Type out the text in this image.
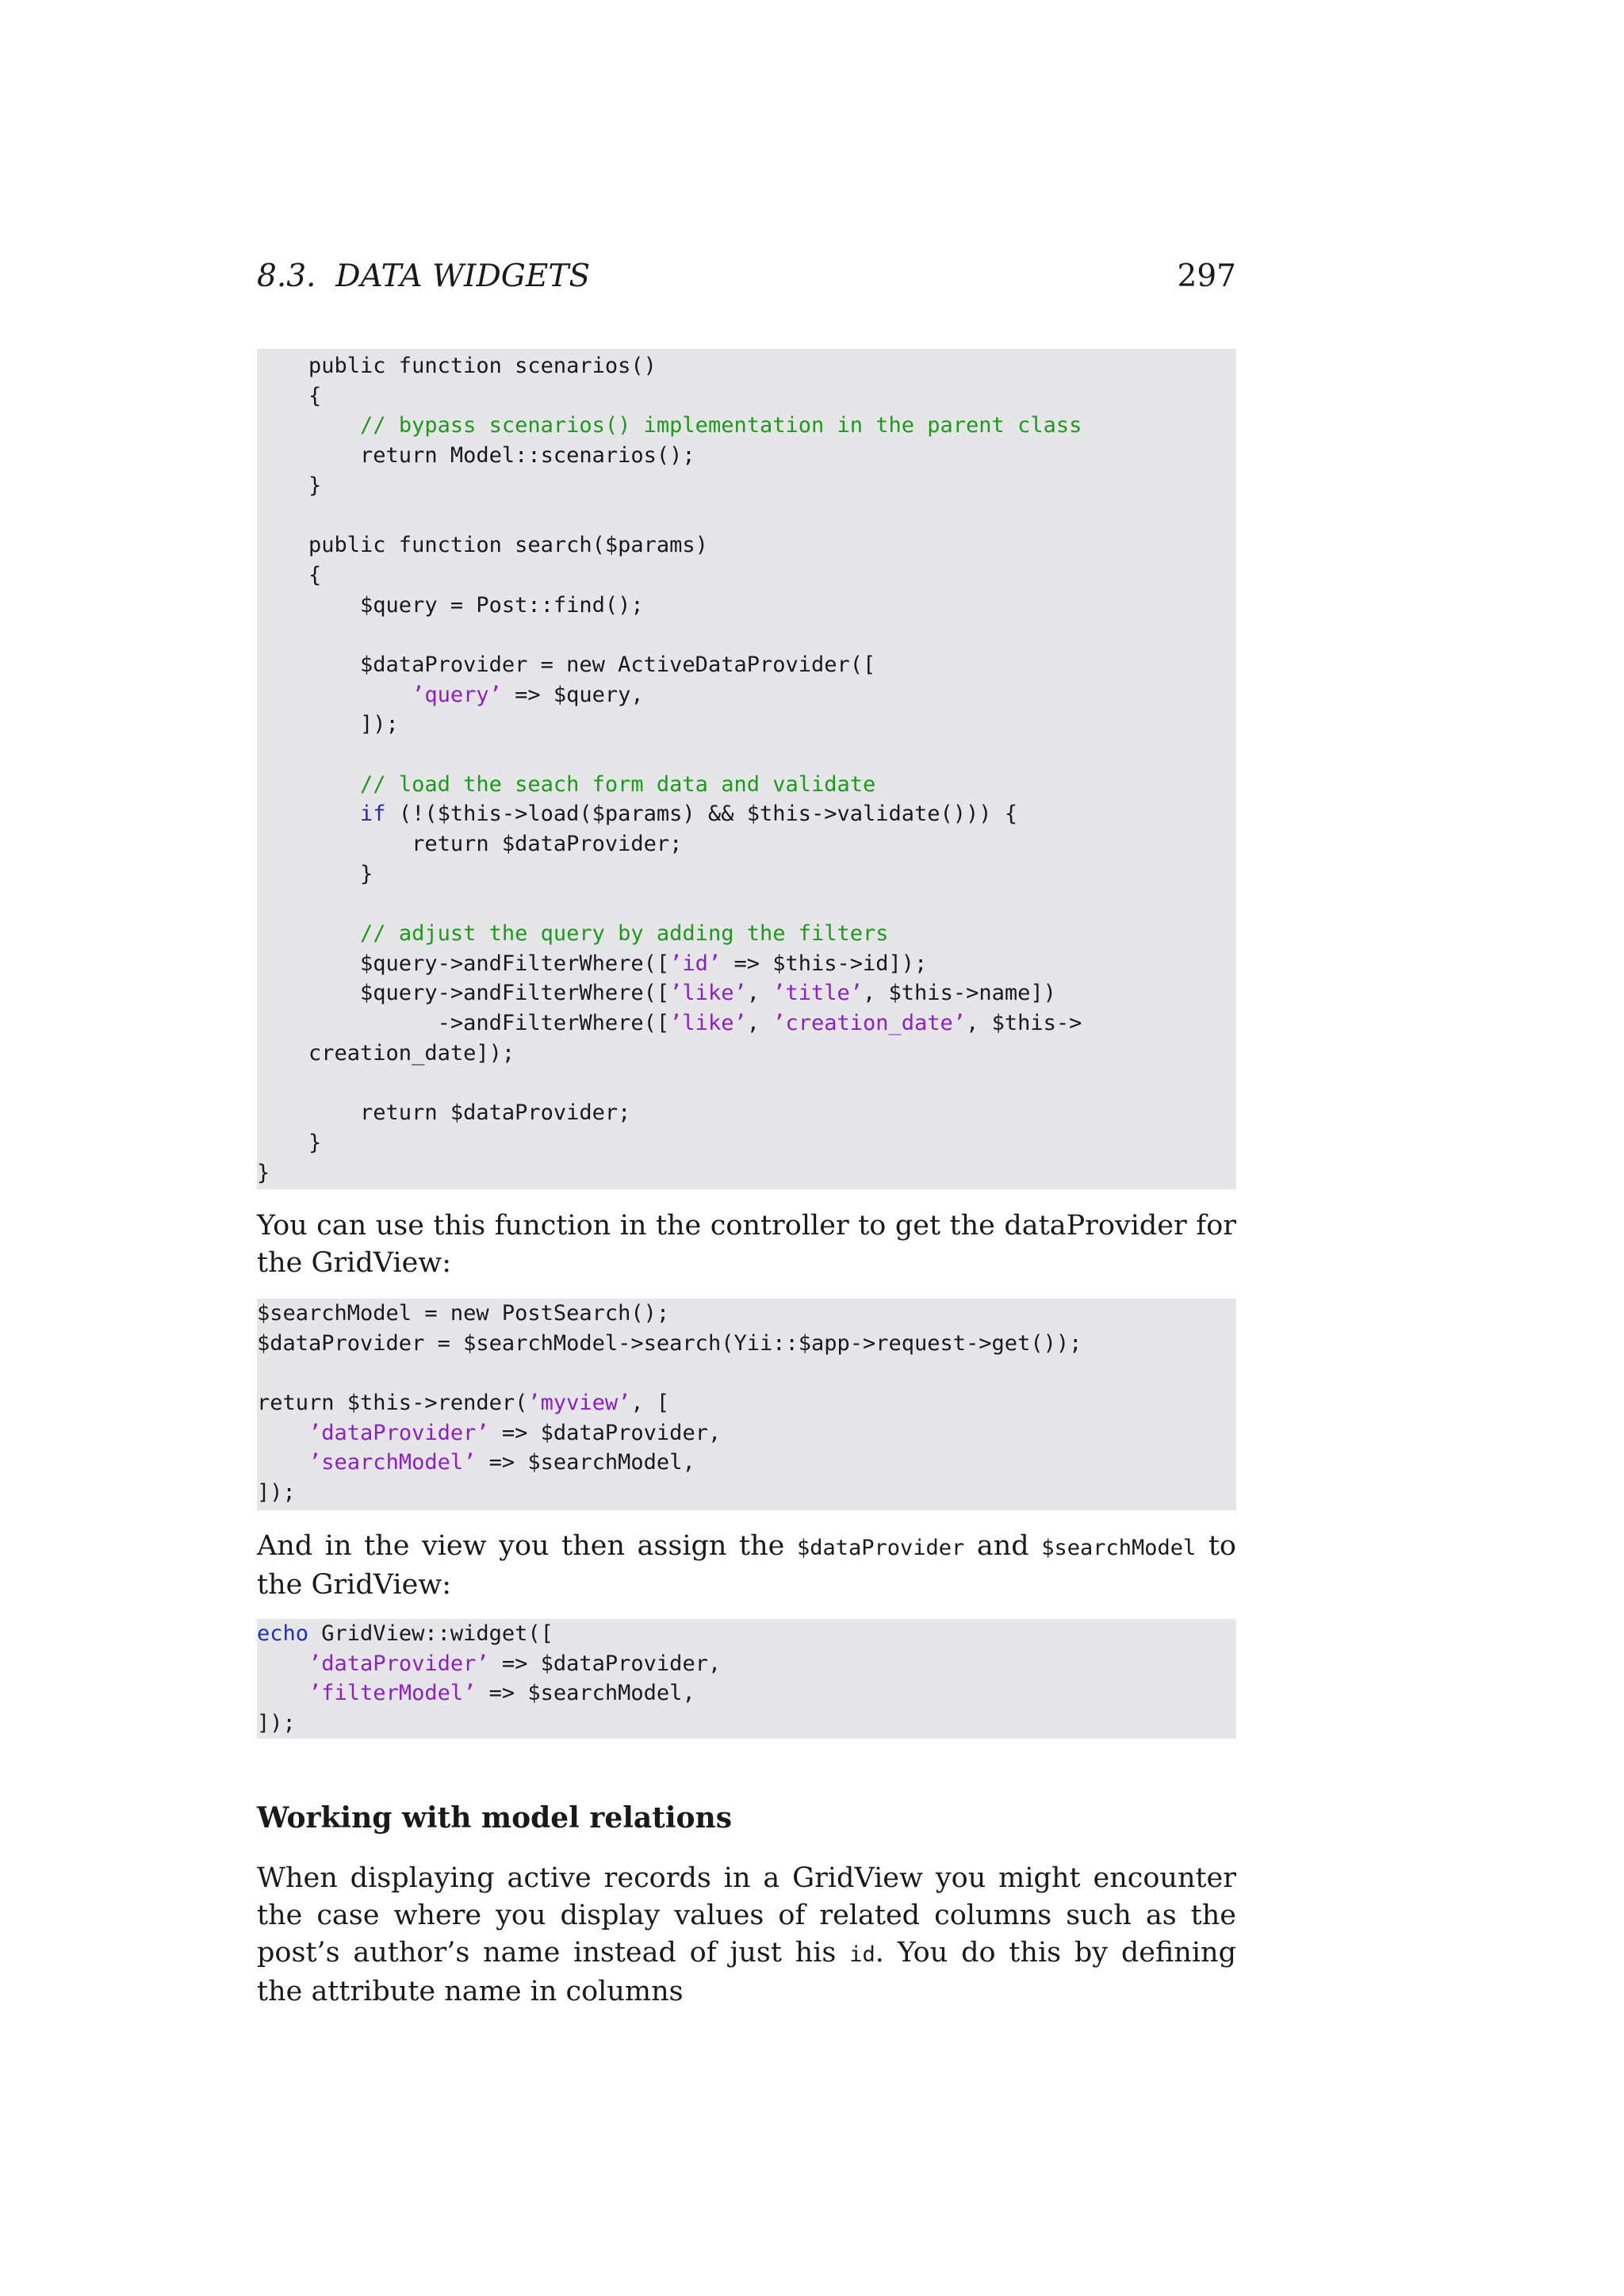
8.3.  DATA WIDGETS	297
public function scenarios()
{
// bypass scenarios() implementation in the parent class
return Model::scenarios();
}
public function search($params)
{
$query = Post::find();
$dataProvider = new ActiveDataProvider([
’query’ => $query,
]);
// load the seach form data and validate
if (!($this->load($params) && $this->validate())) {
return $dataProvider;
}
// adjust the query by adding the filters
$query->andFilterWhere([’id’ => $this->id]);
$query->andFilterWhere([’like’, ’title’, $this->name])
->andFilterWhere([’like’, ’creation_date’, $this->
creation_date]);
return $dataProvider;
}
}
You can use this function in the controller to get the dataProvider for the GridView:
$searchModel = new PostSearch();
$dataProvider = $searchModel->search(Yii::$app->request->get());
return $this->render(’myview’, [
’dataProvider’ => $dataProvider,
’searchModel’ => $searchModel,
]);
And in the view you then assign the $dataProvider and $searchModel to the GridView:
echo GridView::widget([
’dataProvider’ => $dataProvider,
’filterModel’ => $searchModel,
]);
Working with model relations
When displaying active records in a GridView you might encounter the case where you display values of related columns such as the post’s author’s name instead of just his id. You do this by defining the attribute name in columns
